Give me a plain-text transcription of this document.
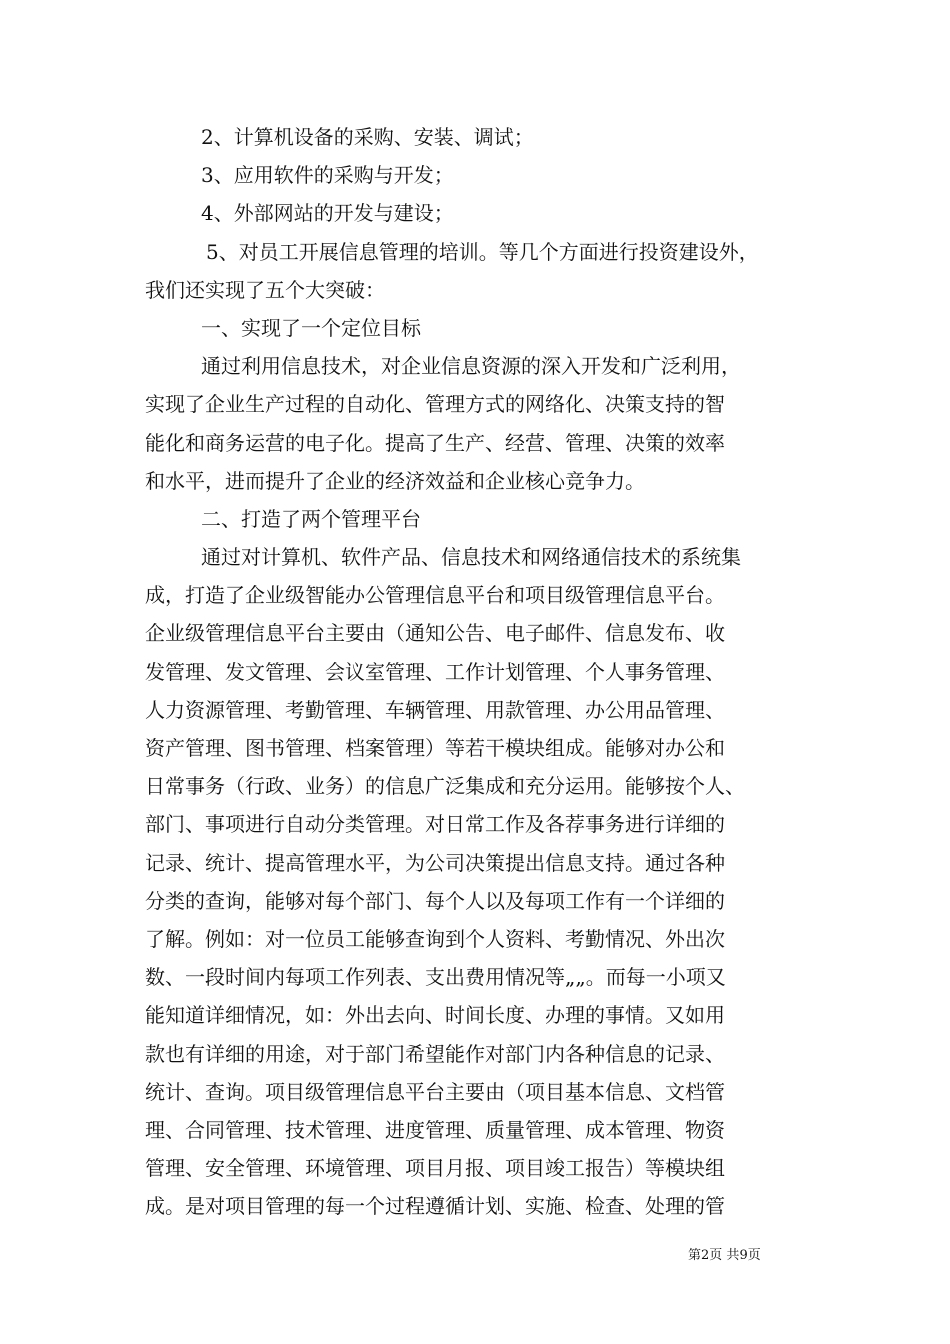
2、计算机设备的采购、安装、调试；
3、应用软件的采购与开发；
4、外部网站的开发与建设；
5、对员工开展信息管理的培训。等几个方面进行投资建设外，
我们还实现了五个大突破：
一、实现了一个定位目标
通过利用信息技术，对企业信息资源的深入开发和广泛利用，
实现了企业生产过程的自动化、管理方式的网络化、决策支持的智
能化和商务运营的电子化。提高了生产、经营、管理、决策的效率
和水平，进而提升了企业的经济效益和企业核心竞争力。
二、打造了两个管理平台
通过对计算机、软件产品、信息技术和网络通信技术的系统集
成，打造了企业级智能办公管理信息平台和项目级管理信息平台。
企业级管理信息平台主要由（通知公告、电子邮件、信息发布、收
发管理、发文管理、会议室管理、工作计划管理、个人事务管理、
人力资源管理、考勤管理、车辆管理、用款管理、办公用品管理、
资产管理、图书管理、档案管理）等若干模块组成。能够对办公和
日常事务（行政、业务）的信息广泛集成和充分运用。能够按个人、
部门、事项进行自动分类管理。对日常工作及各荐事务进行详细的
记录、统计、提高管理水平，为公司决策提出信息支持。通过各种
分类的查询，能够对每个部门、每个人以及每项工作有一个详细的
了解。例如：对一位员工能够查询到个人资料、考勤情况、外出次
数、一段时间内每项工作列表、支出费用情况等„„。而每一小项又
能知道详细情况，如：外出去向、时间长度、办理的事情。又如用
款也有详细的用途，对于部门希望能作对部门内各种信息的记录、
统计、查询。项目级管理信息平台主要由（项目基本信息、文档管
理、合同管理、技术管理、进度管理、质量管理、成本管理、物资
管理、安全管理、环境管理、项目月报、项目竣工报告）等模块组
成。是对项目管理的每一个过程遵循计划、实施、检查、处理的管
第2页 共9页
